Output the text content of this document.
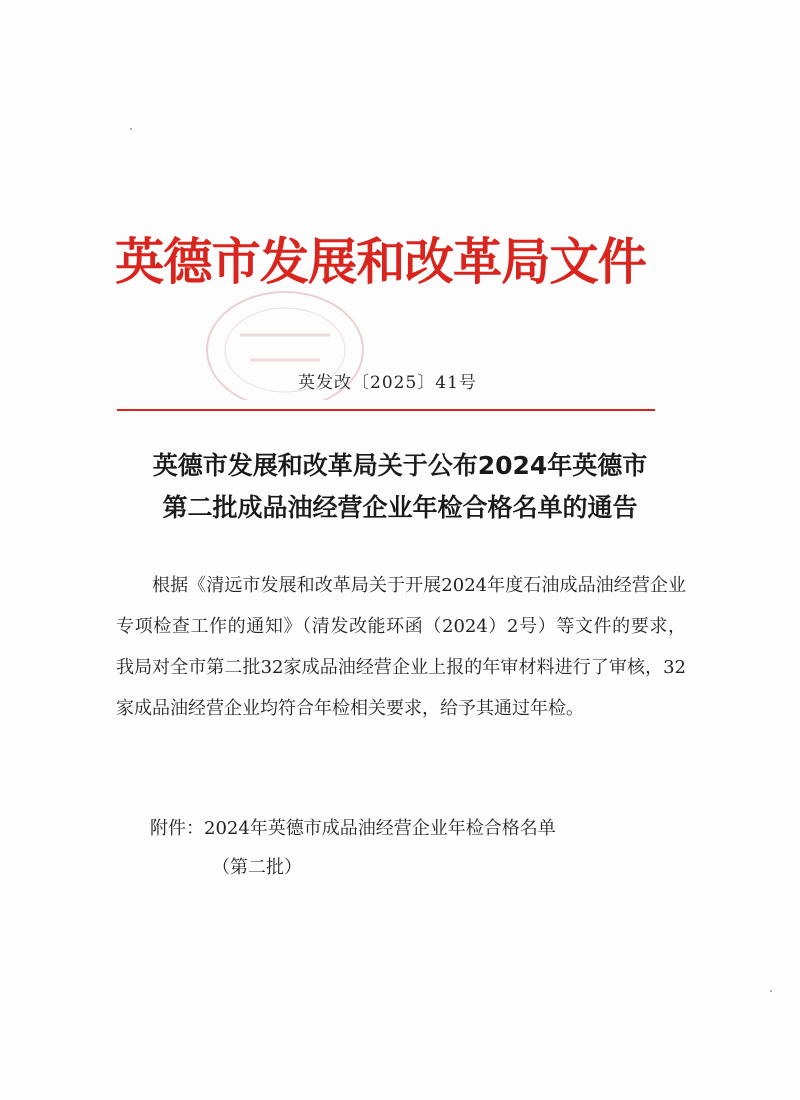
英德市发展和改革局文件
英发改〔2025〕41号
英德市发展和改革局关于公布2024年英德市
第二批成品油经营企业年检合格名单的通告
根据《清远市发展和改革局关于开展2024年度石油成品油经营企业专项检查工作的通知》（清发改能环函（2024）2号）等文件的要求，我局对全市第二批32家成品油经营企业上报的年审材料进行了审核，32家成品油经营企业均符合年检相关要求，给予其通过年检。
附件：2024年英德市成品油经营企业年检合格名单
（第二批）
